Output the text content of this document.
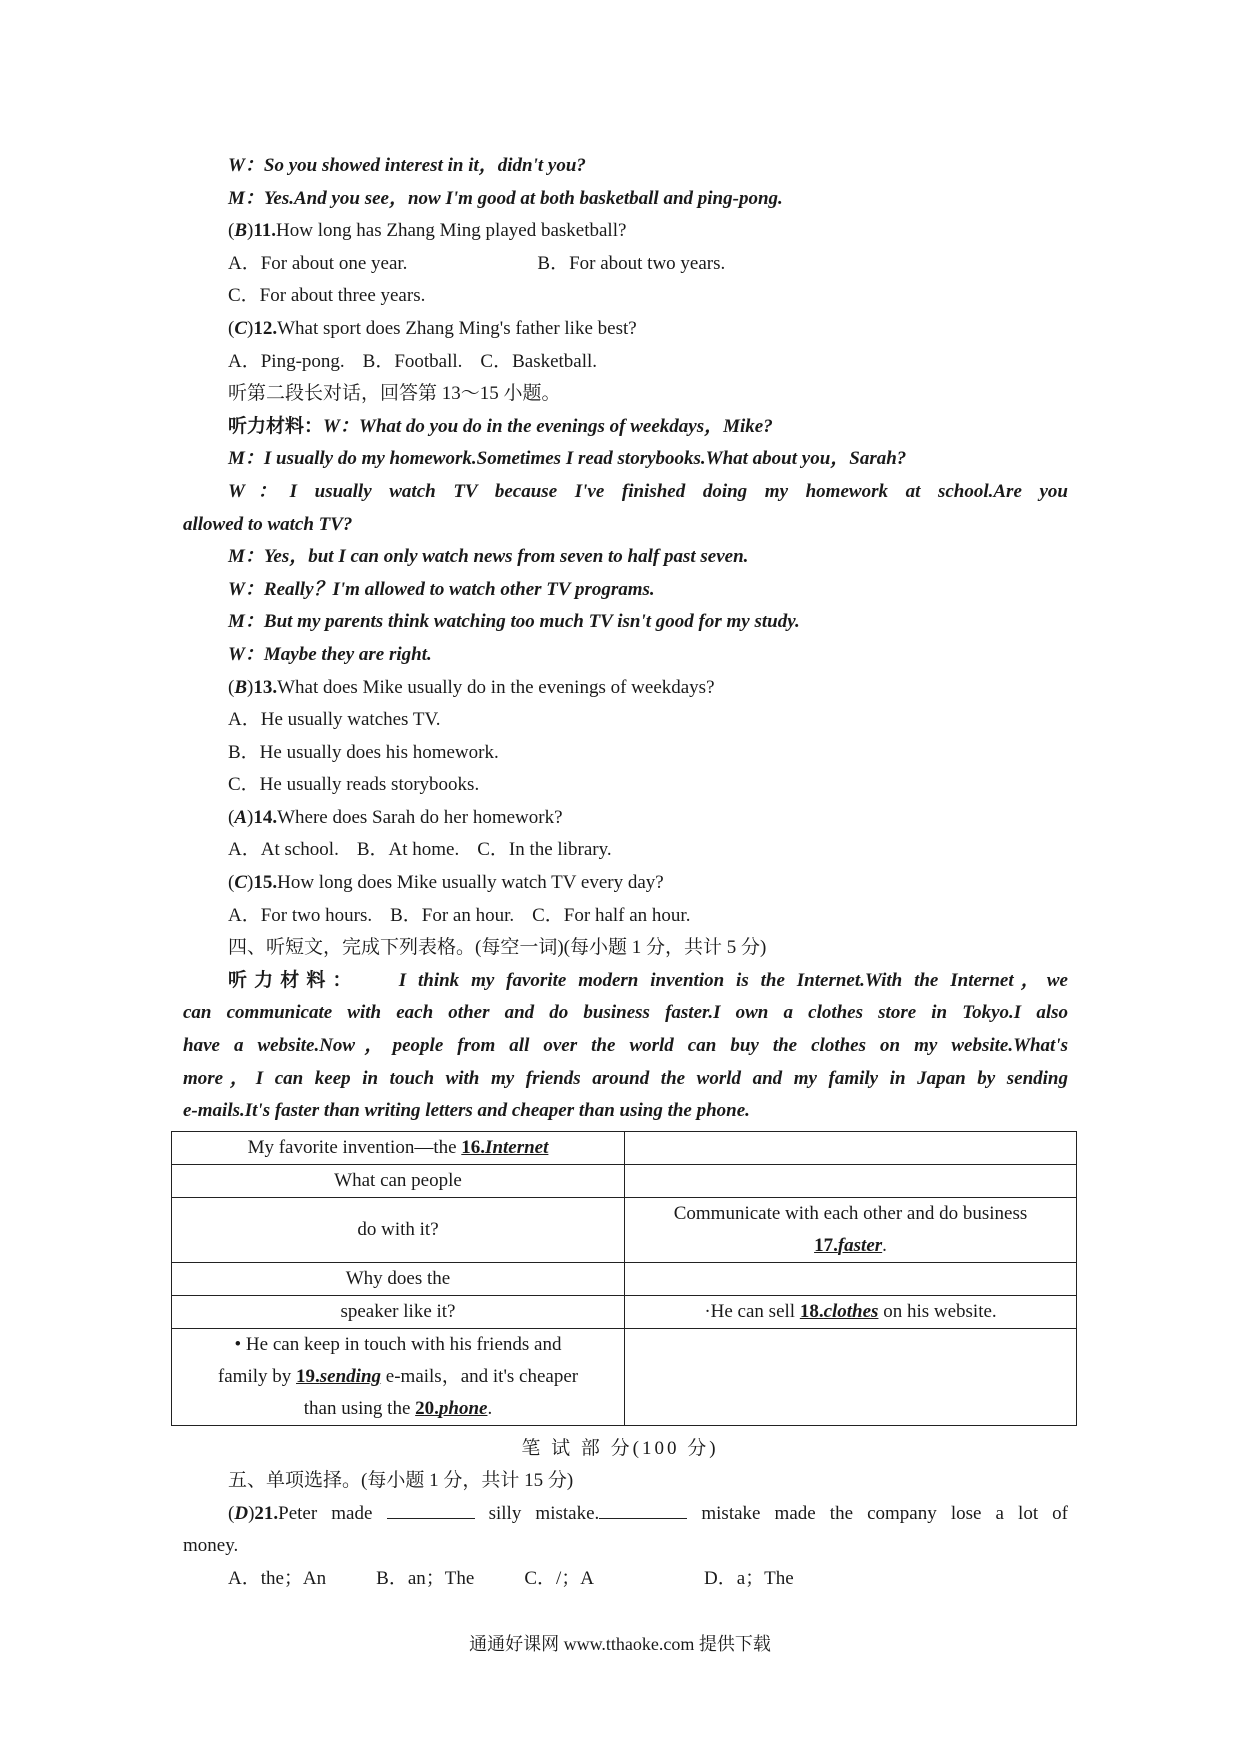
W：So you showed interest in it，didn't you?
M：Yes.And you see，now I'm good at both basketball and ping-pong.
(B)11.How long has Zhang Ming played basketball?
A．For about one year.	B．For about two years.
C．For about three years.
(C)12.What sport does Zhang Ming's father like best?
A．Ping-pong. B．Football. C．Basketball.
听第二段长对话，回答第 13～15 小题。
听力材料：W：What do you do in the evenings of weekdays，Mike?
M：I usually do my homework.Sometimes I read storybooks.What about you，Sarah?
W：I usually watch TV because I've finished doing my homework at school.Are you
allowed to watch TV?
M：Yes，but I can only watch news from seven to half past seven.
W：Really？I'm allowed to watch other TV programs.
M：But my parents think watching too much TV isn't good for my study.
W：Maybe they are right.
(B)13.What does Mike usually do in the evenings of weekdays?
A．He usually watches TV.
B．He usually does his homework.
C．He usually reads storybooks.
(A)14.Where does Sarah do her homework?
A．At school. B．At home. C．In the library.
(C)15.How long does Mike usually watch TV every day?
A．For two hours. B．For an hour. C．For half an hour.
四、听短文，完成下列表格。(每空一词)(每小题 1 分，共计 5 分)
听力材料： I think my favorite modern invention is the Internet.With the Internet，we
can communicate with each other and do business faster.I own a clothes store in Tokyo.I also
have a website.Now，people from all over the world can buy the clothes on my website.What's
more，I can keep in touch with my friends around the world and my family in Japan by sending
e-mails.It's faster than writing letters and cheaper than using the phone.
My favorite invention—the 16.Internet	
What can people	
do with it?	Communicate with each other and do business
17.faster.

Why does the	
speaker like it?	·He can sell 18.clothes on his website.

• He can keep in touch with his friends and
family by 19.sending e-mails，and it's cheaper
than using the 20.phone.	

笔 试 部 分(100 分)
五、单项选择。(每小题 1 分，共计 15 分)
(D)21.Peter made	silly mistake.	mistake made the company lose a lot of
money.
A．the；An	B．an；The	C．/；A	D．a；The
通通好课网 www.tthaoke.com 提供下载
